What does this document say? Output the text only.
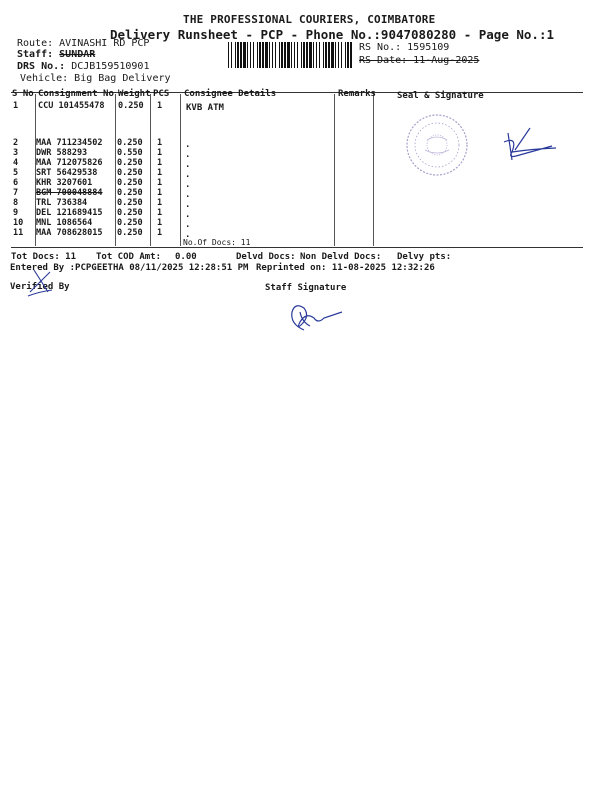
THE PROFESSIONAL COURIERS, COIMBATORE
Delivery Runsheet - PCP - Phone No.:9047080280 - Page No.:1
Route: AVINASHI RD PCP
Staff: SUNDAR
DRS No.: DCJB159510901
Vehicle: Big Bag Delivery
RS No.: 1595109
RS Date: 11-Aug-2025
S No Consignment No Weight PCS Consignee Details	Remarks Seal & Signature
1 CCU 101455478 0.250 1	KVB ATM
2 MAA 711234502 0.250 1	.
3 DWR 588293	0.550 1	.
4 MAA 712075826 0.250 1	.
5 SRT 56429538 0.250 1	.
6 KHR 3207601	0.250 1	.
7 BGM 700048884 0.250 1	.
8 TRL 736384	0.250 1	.
9 DEL 121689415 0.250 1	.
10 MNL 1086564	0.250 1	.
11 MAA 708628015 0.250 1	.
No.Of Docs: 11
Tot Docs: 11 Tot COD Amt: 0.00	Delvd Docs: Non Delvd Docs: Delvy pts:
Entered By :PCPGEETHA 08/11/2025 12:28:51 PM Reprinted on: 11-08-2025 12:32:26
Verified By	Staff Signature
